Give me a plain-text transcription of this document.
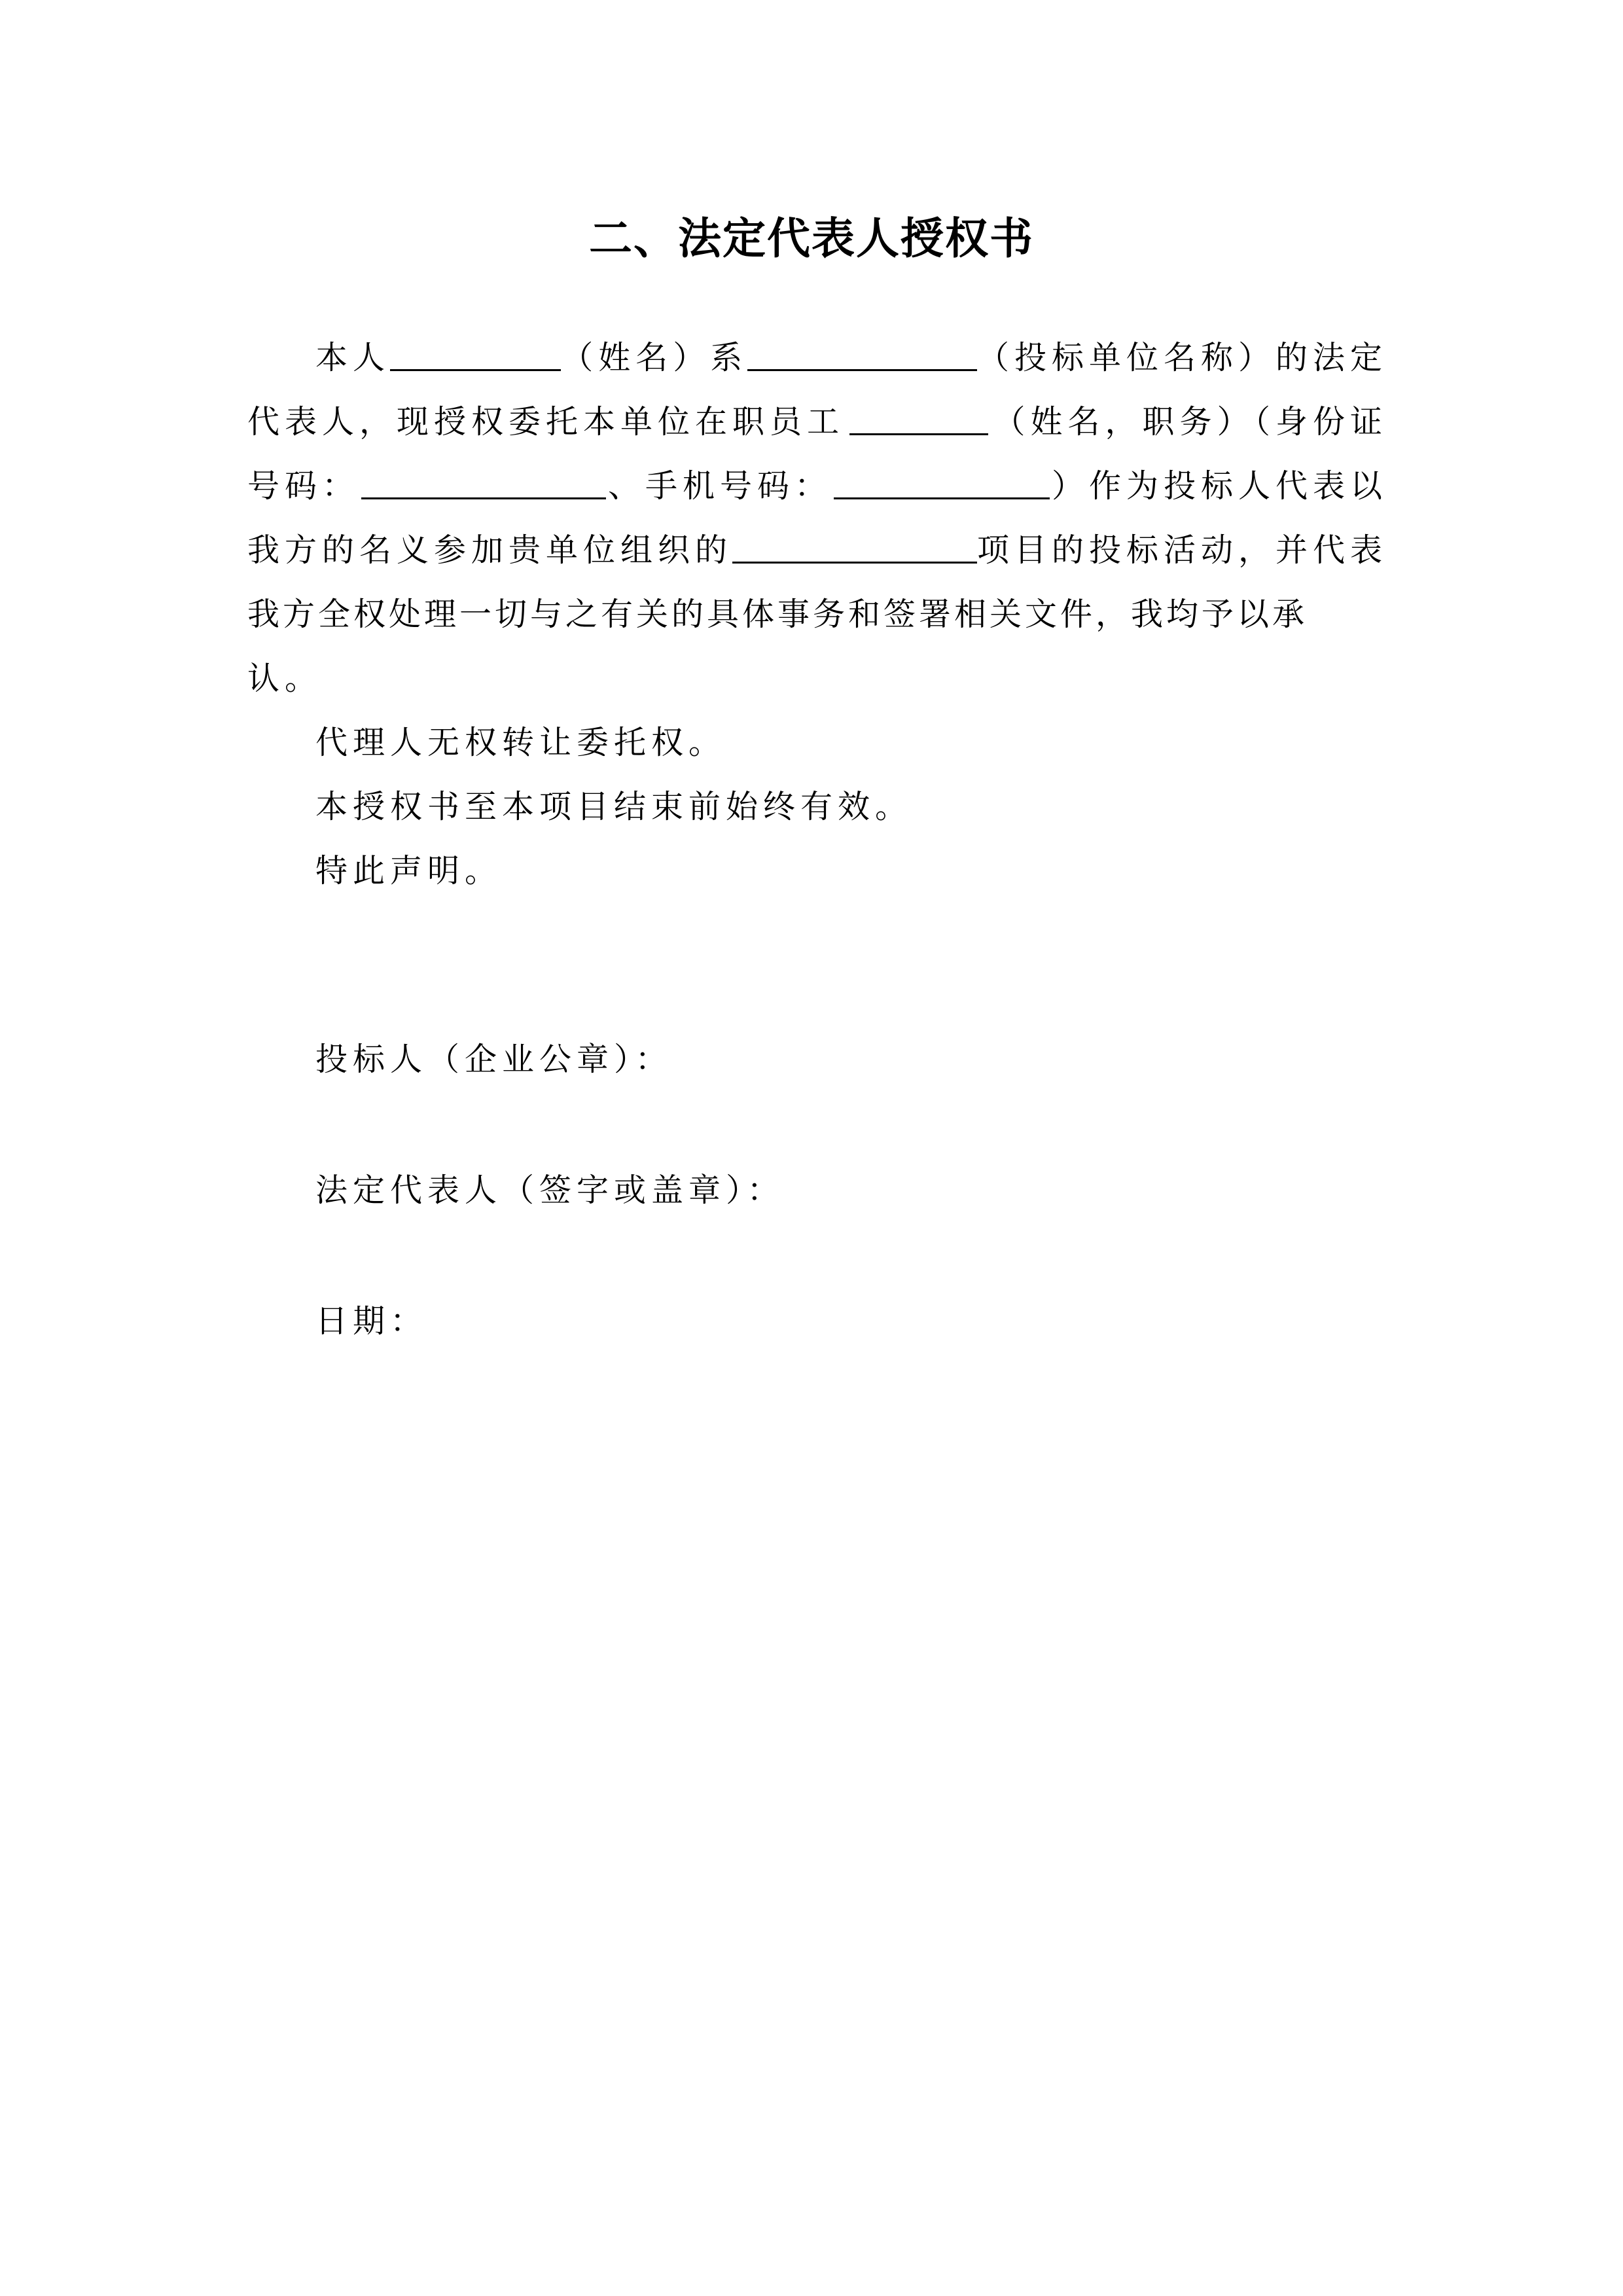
二、法定代表人授权书
本人	（姓名）系	（投标单位名称）的法定
代表人，现授权委托本单位在职员工	（姓名，职务）（身份证
号码：	、手机号码：	）作为投标人代表以
我方的名义参加贵单位组织的	项目的投标活动，并代表
我方全权处理一切与之有关的具体事务和签署相关文件，我均予以承
认。
代理人无权转让委托权。
本授权书至本项目结束前始终有效。
特此声明。
投标人（企业公章）：
法定代表人（签字或盖章）：
日期：
